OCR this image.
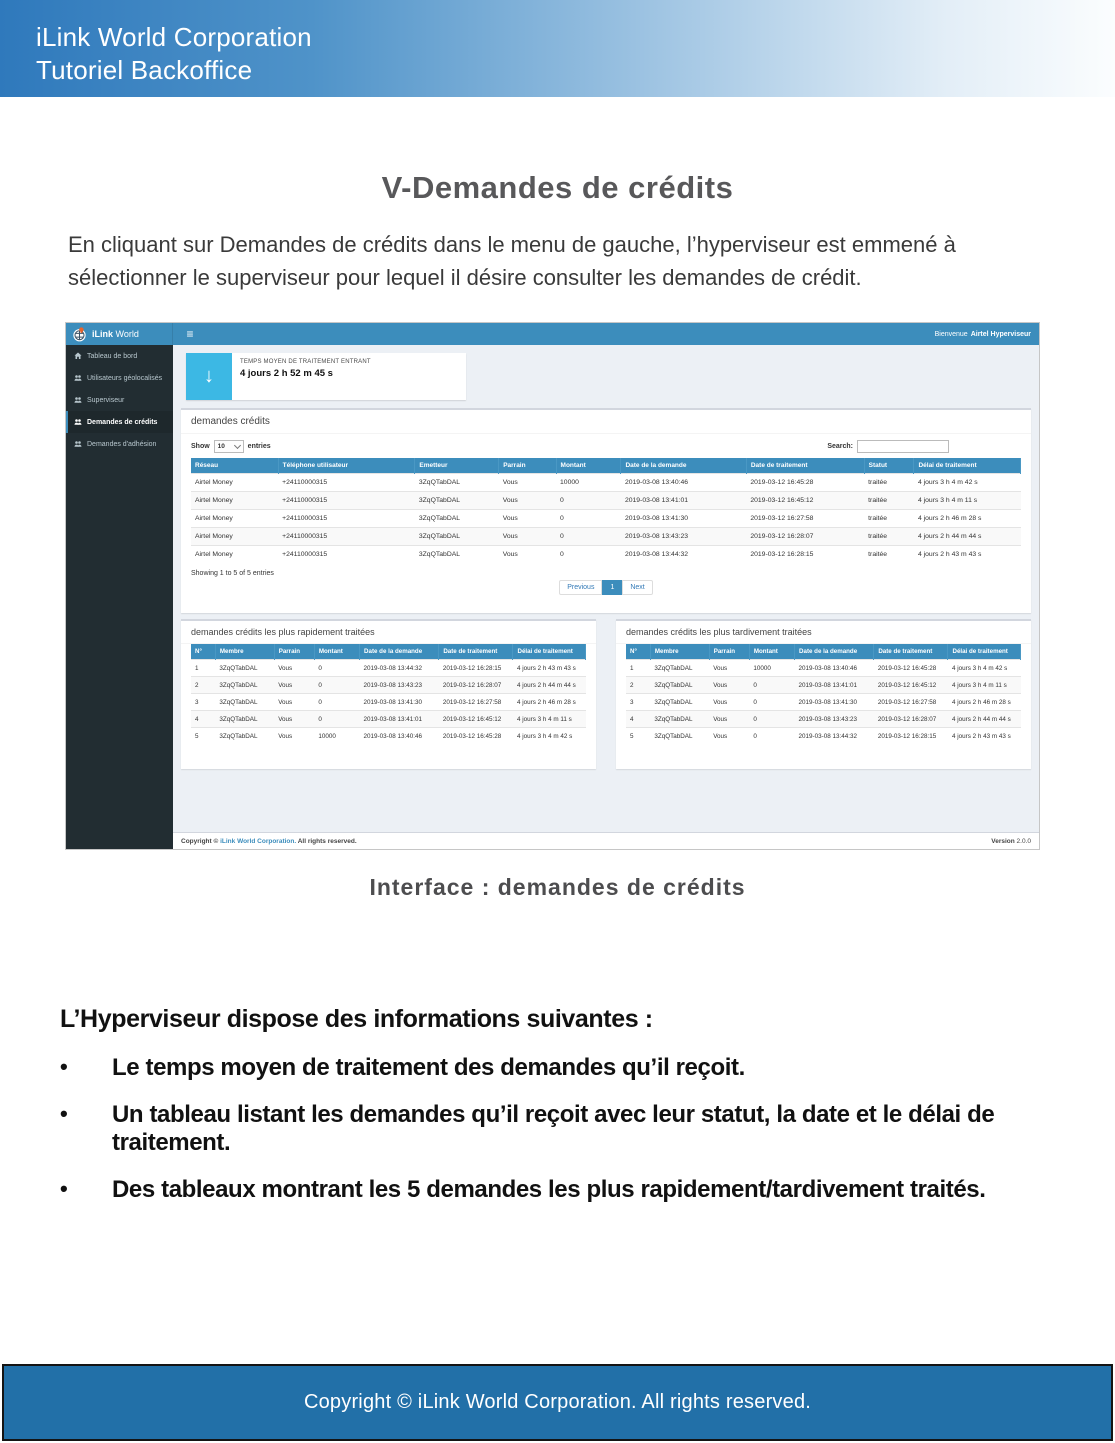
iLink World Corporation
Tutoriel Backoffice
V-Demandes de crédits
En cliquant sur Demandes de crédits dans le menu de gauche, l’hyperviseur est emmené à sélectionner le superviseur pour lequel il désire consulter les demandes de crédit.
iLink World	≡	Bienvenue Airtel Hyperviseur
Tableau de bord
Utilisateurs géolocalisés
Superviseur
Demandes de crédits
Demandes d'adhésion
↓
TEMPS MOYEN DE TRAITEMENT ENTRANT
4 jours 2 h 52 m 45 s
demandes crédits
Show 10	entries	Search:
Réseau	Téléphone utilisateur	Emetteur	Parrain	Montant	Date de la demande	Date de traitement	Statut	Délai de traitement
Airtel Money	+24110000315	3ZqQTabDAL	Vous	10000	2019-03-08 13:40:46	2019-03-12 16:45:28	traitée	4 jours 3 h 4 m 42 s
Airtel Money	+24110000315	3ZqQTabDAL	Vous	0	2019-03-08 13:41:01	2019-03-12 16:45:12	traitée	4 jours 3 h 4 m 11 s
Airtel Money	+24110000315	3ZqQTabDAL	Vous	0	2019-03-08 13:41:30	2019-03-12 16:27:58	traitée	4 jours 2 h 46 m 28 s
Airtel Money	+24110000315	3ZqQTabDAL	Vous	0	2019-03-08 13:43:23	2019-03-12 16:28:07	traitée	4 jours 2 h 44 m 44 s
Airtel Money	+24110000315	3ZqQTabDAL	Vous	0	2019-03-08 13:44:32	2019-03-12 16:28:15	traitée	4 jours 2 h 43 m 43 s
Showing 1 to 5 of 5 entries
Previous 1 Next
demandes crédits les plus rapidement traitées
N°	Membre	Parrain	Montant	Date de la demande	Date de traitement	Délai de traitement
1	3ZqQTabDAL	Vous	0	2019-03-08 13:44:32	2019-03-12 16:28:15	4 jours 2 h 43 m 43 s
2	3ZqQTabDAL	Vous	0	2019-03-08 13:43:23	2019-03-12 16:28:07	4 jours 2 h 44 m 44 s
3	3ZqQTabDAL	Vous	0	2019-03-08 13:41:30	2019-03-12 16:27:58	4 jours 2 h 46 m 28 s
4	3ZqQTabDAL	Vous	0	2019-03-08 13:41:01	2019-03-12 16:45:12	4 jours 3 h 4 m 11 s
5	3ZqQTabDAL	Vous	10000	2019-03-08 13:40:46	2019-03-12 16:45:28	4 jours 3 h 4 m 42 s
demandes crédits les plus tardivement traitées
N°	Membre	Parrain	Montant	Date de la demande	Date de traitement	Délai de traitement
1	3ZqQTabDAL	Vous	10000	2019-03-08 13:40:46	2019-03-12 16:45:28	4 jours 3 h 4 m 42 s
2	3ZqQTabDAL	Vous	0	2019-03-08 13:41:01	2019-03-12 16:45:12	4 jours 3 h 4 m 11 s
3	3ZqQTabDAL	Vous	0	2019-03-08 13:41:30	2019-03-12 16:27:58	4 jours 2 h 46 m 28 s
4	3ZqQTabDAL	Vous	0	2019-03-08 13:43:23	2019-03-12 16:28:07	4 jours 2 h 44 m 44 s
5	3ZqQTabDAL	Vous	0	2019-03-08 13:44:32	2019-03-12 16:28:15	4 jours 2 h 43 m 43 s
Copyright © iLink World Corporation. All rights reserved.	Version 2.0.0
Interface : demandes de crédits
L’Hyperviseur dispose des informations suivantes :
•	Le temps moyen de traitement des demandes qu’il reçoit.
•	Un tableau listant les demandes qu’il reçoit avec leur statut, la date et le délai de traitement.
•	Des tableaux montrant les 5 demandes les plus rapidement/tardivement traités.
Copyright © iLink World Corporation. All rights reserved.
